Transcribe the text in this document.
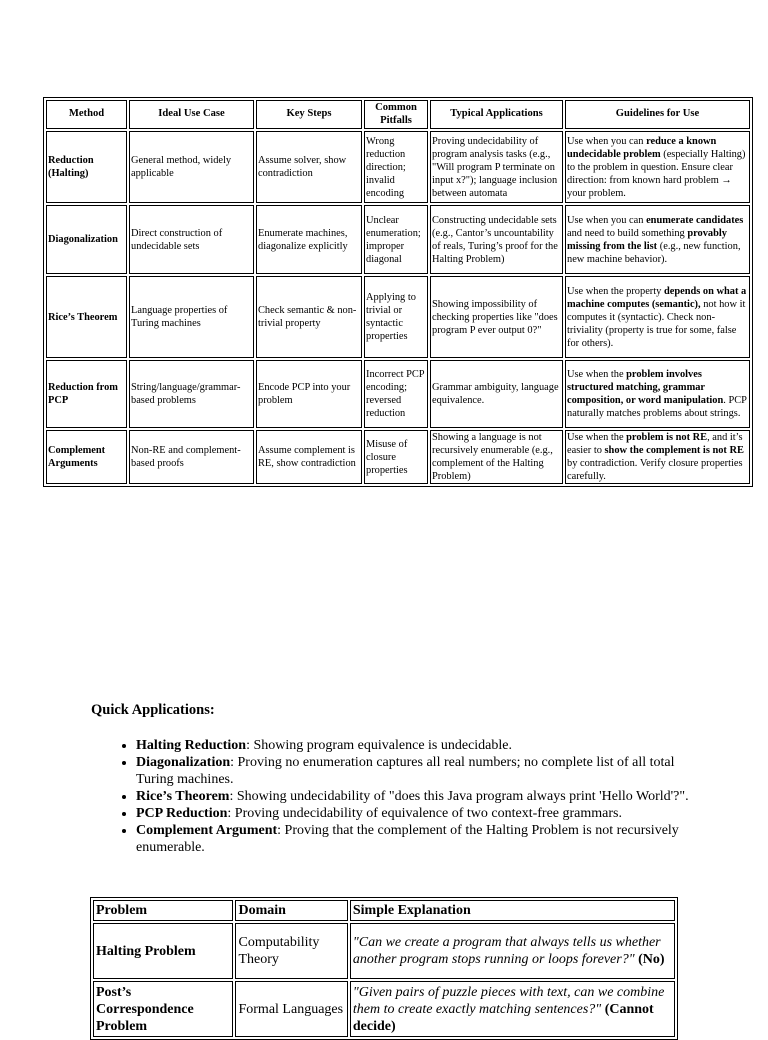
Method	Ideal Use Case	Key Steps	Common Pitfalls	Typical Applications	Guidelines for Use
Reduction (Halting)	General method, widely applicable	Assume solver, show contradiction	Wrong reduction direction; invalid encoding	Proving undecidability of program analysis tasks (e.g., "Will program P terminate on input x?"); language inclusion between automata	Use when you can reduce a known undecidable problem (especially Halting) to the problem in question. Ensure clear direction: from known hard problem → your problem.
Diagonalization	Direct construction of undecidable sets	Enumerate machines, diagonalize explicitly	Unclear enumeration; improper diagonal	Constructing undecidable sets (e.g., Cantor’s uncountability of reals, Turing’s proof for the Halting Problem)	Use when you can enumerate candidates and need to build something provably missing from the list (e.g., new function, new machine behavior).
Rice’s Theorem	Language properties of Turing machines	Check semantic & non-trivial property	Applying to trivial or syntactic properties	Showing impossibility of checking properties like "does program P ever output 0?"	Use when the property depends on what a machine computes (semantic), not how it computes it (syntactic). Check non-triviality (property is true for some, false for others).
Reduction from PCP	String/language/grammar-based problems	Encode PCP into your problem	Incorrect PCP encoding; reversed reduction	Grammar ambiguity, language equivalence.	Use when the problem involves structured matching, grammar composition, or word manipulation. PCP naturally matches problems about strings.
Complement Arguments	Non-RE and complement-based proofs	Assume complement is RE, show contradiction	Misuse of closure properties	Showing a language is not recursively enumerable (e.g., complement of the Halting Problem)	Use when the problem is not RE, and it’s easier to show the complement is not RE by contradiction. Verify closure properties carefully.
Quick Applications:
• Halting Reduction: Showing program equivalence is undecidable.
• Diagonalization: Proving no enumeration captures all real numbers; no complete list of all total Turing machines.
• Rice’s Theorem: Showing undecidability of "does this Java program always print 'Hello World'?".
• PCP Reduction: Proving undecidability of equivalence of two context-free grammars.
• Complement Argument: Proving that the complement of the Halting Problem is not recursively enumerable.
Problem	Domain	Simple Explanation
Halting Problem	Computability Theory	"Can we create a program that always tells us whether another program stops running or loops forever?" (No)
Post’s Correspondence Problem	Formal Languages	"Given pairs of puzzle pieces with text, can we combine them to create exactly matching sentences?" (Cannot decide)
